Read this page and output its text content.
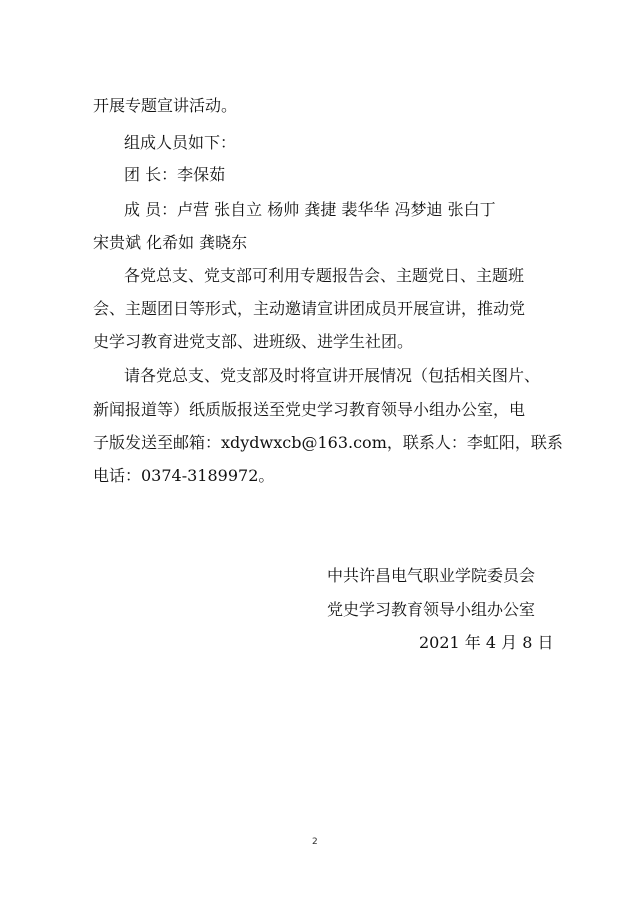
开展专题宣讲活动。
组成人员如下：
团 长：李保茹
成 员：卢营 张自立 杨帅 龚捷 裴华华 冯梦迪 张白丁
宋贵斌 化希如 龚晓东
各党总支、党支部可利用专题报告会、主题党日、主题班
会、主题团日等形式，主动邀请宣讲团成员开展宣讲，推动党
史学习教育进党支部、进班级、进学生社团。
请各党总支、党支部及时将宣讲开展情况（包括相关图片、
新闻报道等）纸质版报送至党史学习教育领导小组办公室，电
子版发送至邮箱：xdydwxcb@163.com，联系人：李虹阳，联系
电话：0374-3189972。
中共许昌电气职业学院委员会
党史学习教育领导小组办公室
2021 年 4 月 8 日
2
